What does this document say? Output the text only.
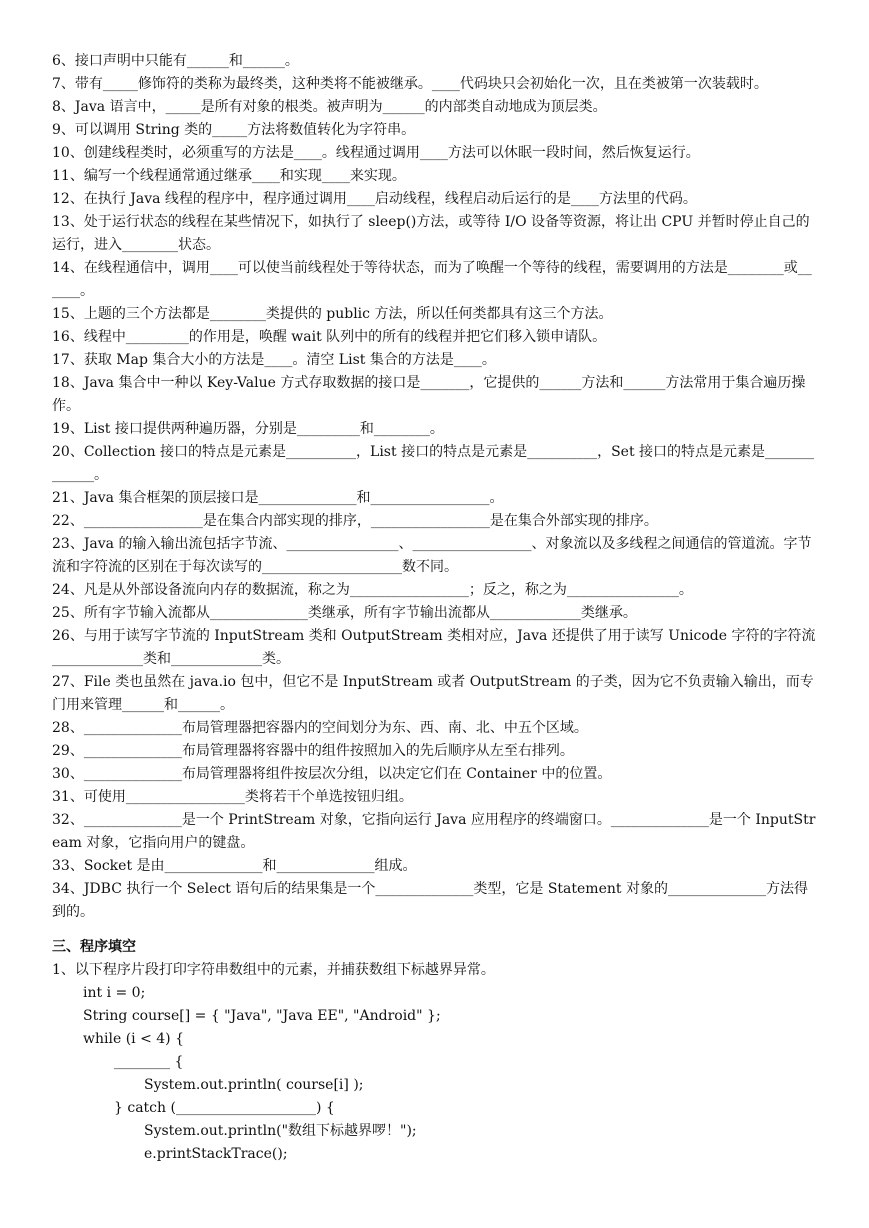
6、接口声明中只能有______和______。
7、带有_____修饰符的类称为最终类，这种类将不能被继承。____代码块只会初始化一次，且在类被第一次装载时。
8、Java 语言中，_____是所有对象的根类。被声明为______的内部类自动地成为顶层类。
9、可以调用 String 类的_____方法将数值转化为字符串。
10、创建线程类时，必须重写的方法是____。线程通过调用____方法可以休眠一段时间，然后恢复运行。
11、编写一个线程通常通过继承____和实现____来实现。
12、在执行 Java 线程的程序中，程序通过调用____启动线程，线程启动后运行的是____方法里的代码。
13、处于运行状态的线程在某些情况下，如执行了 sleep()方法，或等待 I/O 设备等资源，将让出 CPU 并暂时停止自己的运行，进入________状态。
14、在线程通信中，调用____可以使当前线程处于等待状态，而为了唤醒一个等待的线程，需要调用的方法是________或______。
15、上题的三个方法都是________类提供的 public 方法，所以任何类都具有这三个方法。
16、线程中_________的作用是，唤醒 wait 队列中的所有的线程并把它们移入锁申请队。
17、获取 Map 集合大小的方法是____。清空 List 集合的方法是____。
18、Java 集合中一种以 Key-Value 方式存取数据的接口是_______，它提供的______方法和______方法常用于集合遍历操作。
19、List 接口提供两种遍历器，分别是_________和________。
20、Collection 接口的特点是元素是__________，List 接口的特点是元素是__________，Set 接口的特点是元素是_____________。
21、Java 集合框架的顶层接口是______________和_________________。
22、_________________是在集合内部实现的排序，_________________是在集合外部实现的排序。
23、Java 的输入输出流包括字节流、________________、_________________、对象流以及多线程之间通信的管道流。字节流和字符流的区别在于每次读写的____________________数不同。
24、凡是从外部设备流向内存的数据流，称之为_________________；反之，称之为________________。
25、所有字节输入流都从______________类继承，所有字节输出流都从_____________类继承。
26、与用于读写字节流的 InputStream 类和 OutputStream 类相对应，Java 还提供了用于读写 Unicode 字符的字符流_____________类和_____________类。
27、File 类也虽然在 java.io 包中，但它不是 InputStream 或者 OutputStream 的子类，因为它不负责输入输出，而专门用来管理______和______。
28、______________布局管理器把容器内的空间划分为东、西、南、北、中五个区域。
29、______________布局管理器将容器中的组件按照加入的先后顺序从左至右排列。
30、______________布局管理器将组件按层次分组，以决定它们在 Container 中的位置。
31、可使用_________________类将若干个单选按钮归组。
32、______________是一个 PrintStream 对象，它指向运行 Java 应用程序的终端窗口。______________是一个 InputStream 对象，它指向用户的键盘。
33、Socket 是由______________和______________组成。
34、JDBC 执行一个 Select 语句后的结果集是一个______________类型，它是 Statement 对象的______________方法得到的。
三、程序填空
1、以下程序片段打印字符串数组中的元素，并捕获数组下标越界异常。
int i = 0;
String course[] = { "Java", "Java EE", "Android" };
while (i < 4) {
________ {
System.out.println( course[i] );
} catch (____________________) {
System.out.println("数组下标越界啰！");
e.printStackTrace();
